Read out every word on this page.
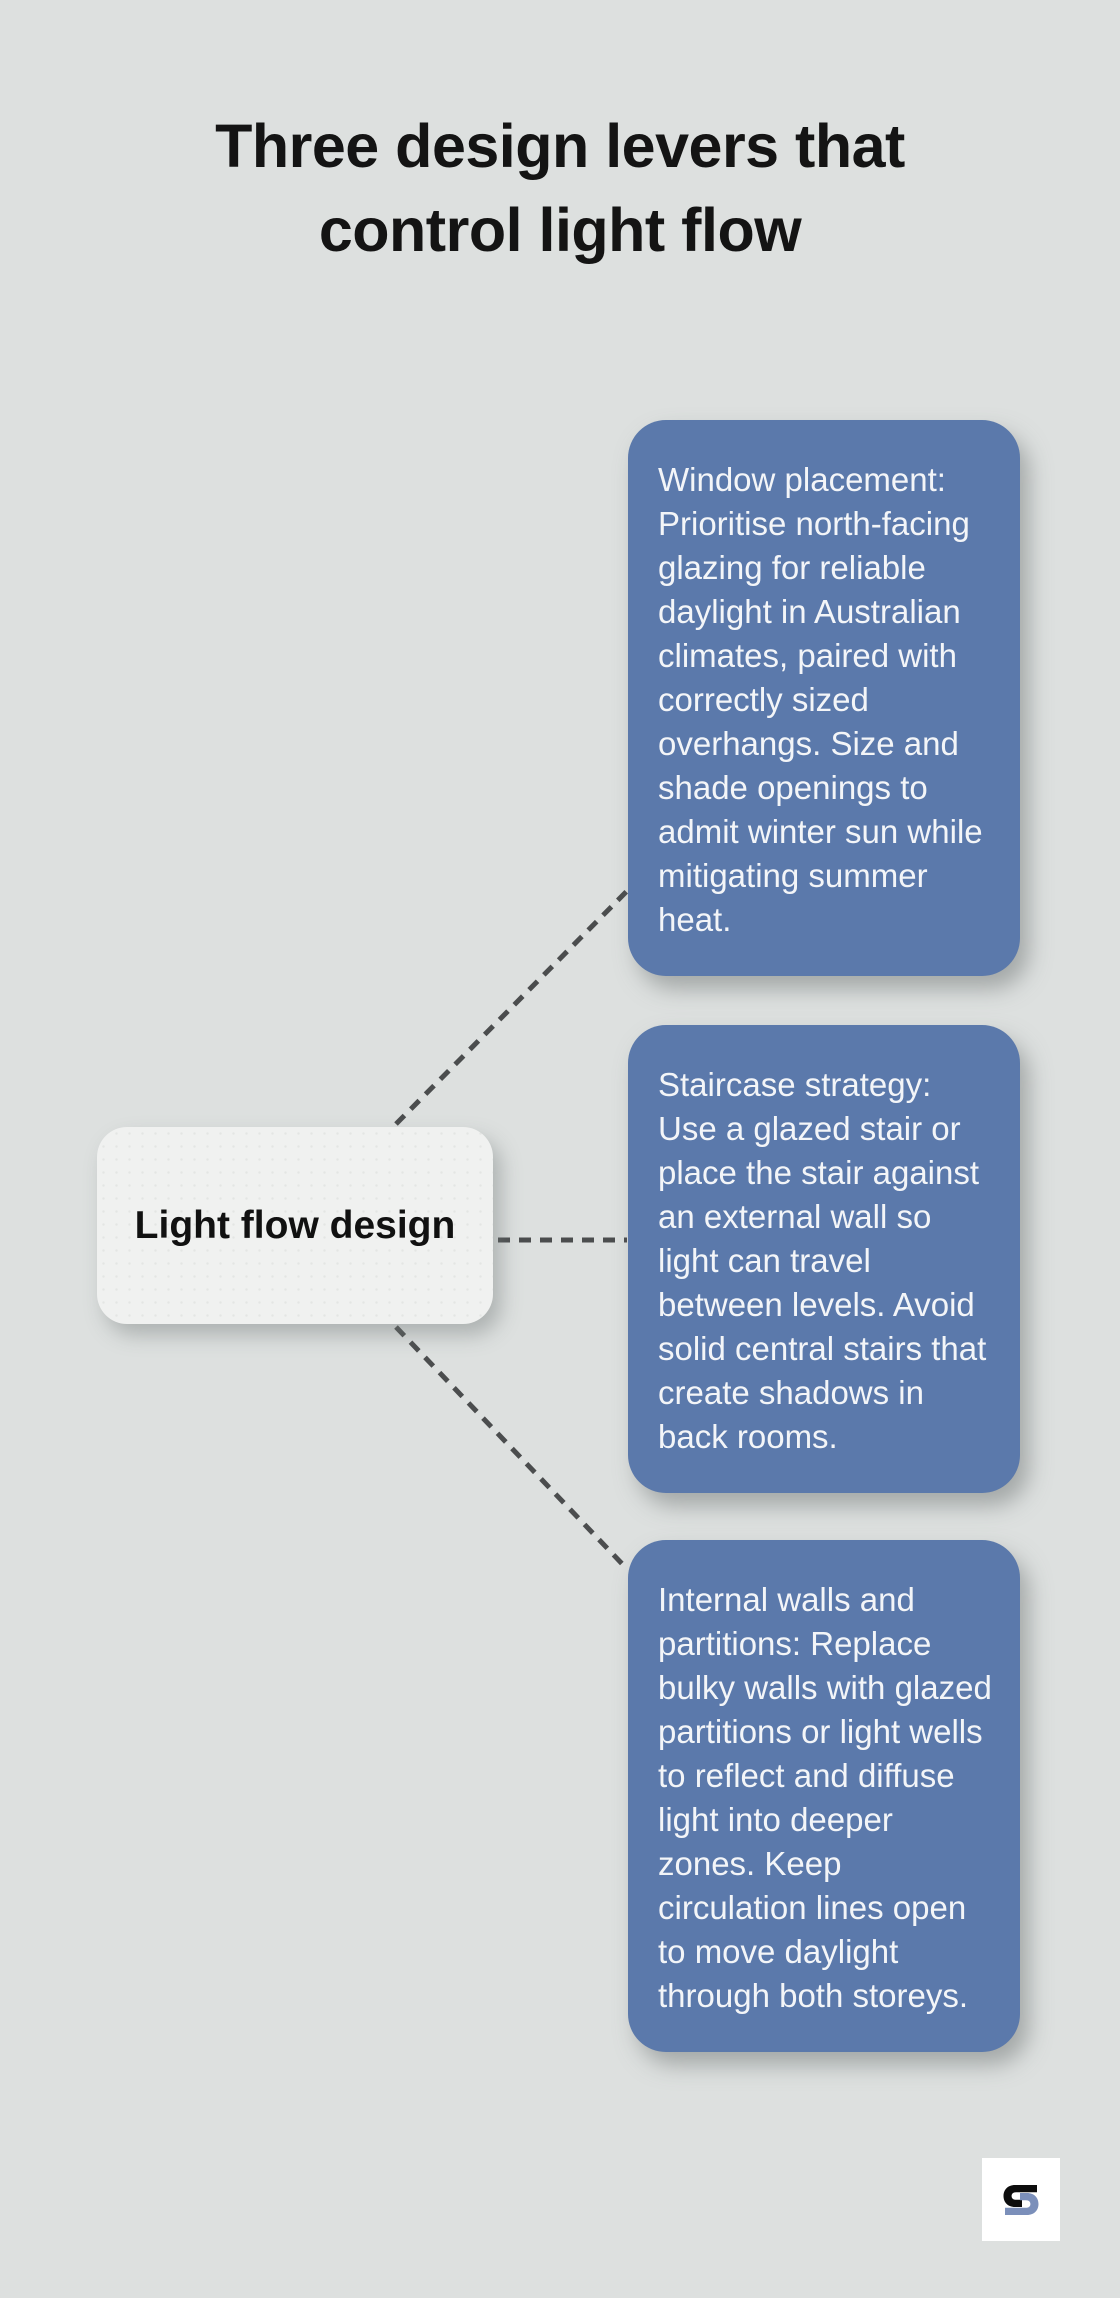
Three design levers that
control light flow
Light flow design

Window placement: Prioritise north-facing glazing for reliable daylight in Australian climates, paired with correctly sized overhangs. Size and shade openings to admit winter sun while mitigating summer heat.

Staircase strategy: Use a glazed stair or place the stair against an external wall so light can travel between levels. Avoid solid central stairs that create shadows in back rooms.

Internal walls and partitions: Replace bulky walls with glazed partitions or light wells to reflect and diffuse light into deeper zones. Keep circulation lines open to move daylight through both storeys.
